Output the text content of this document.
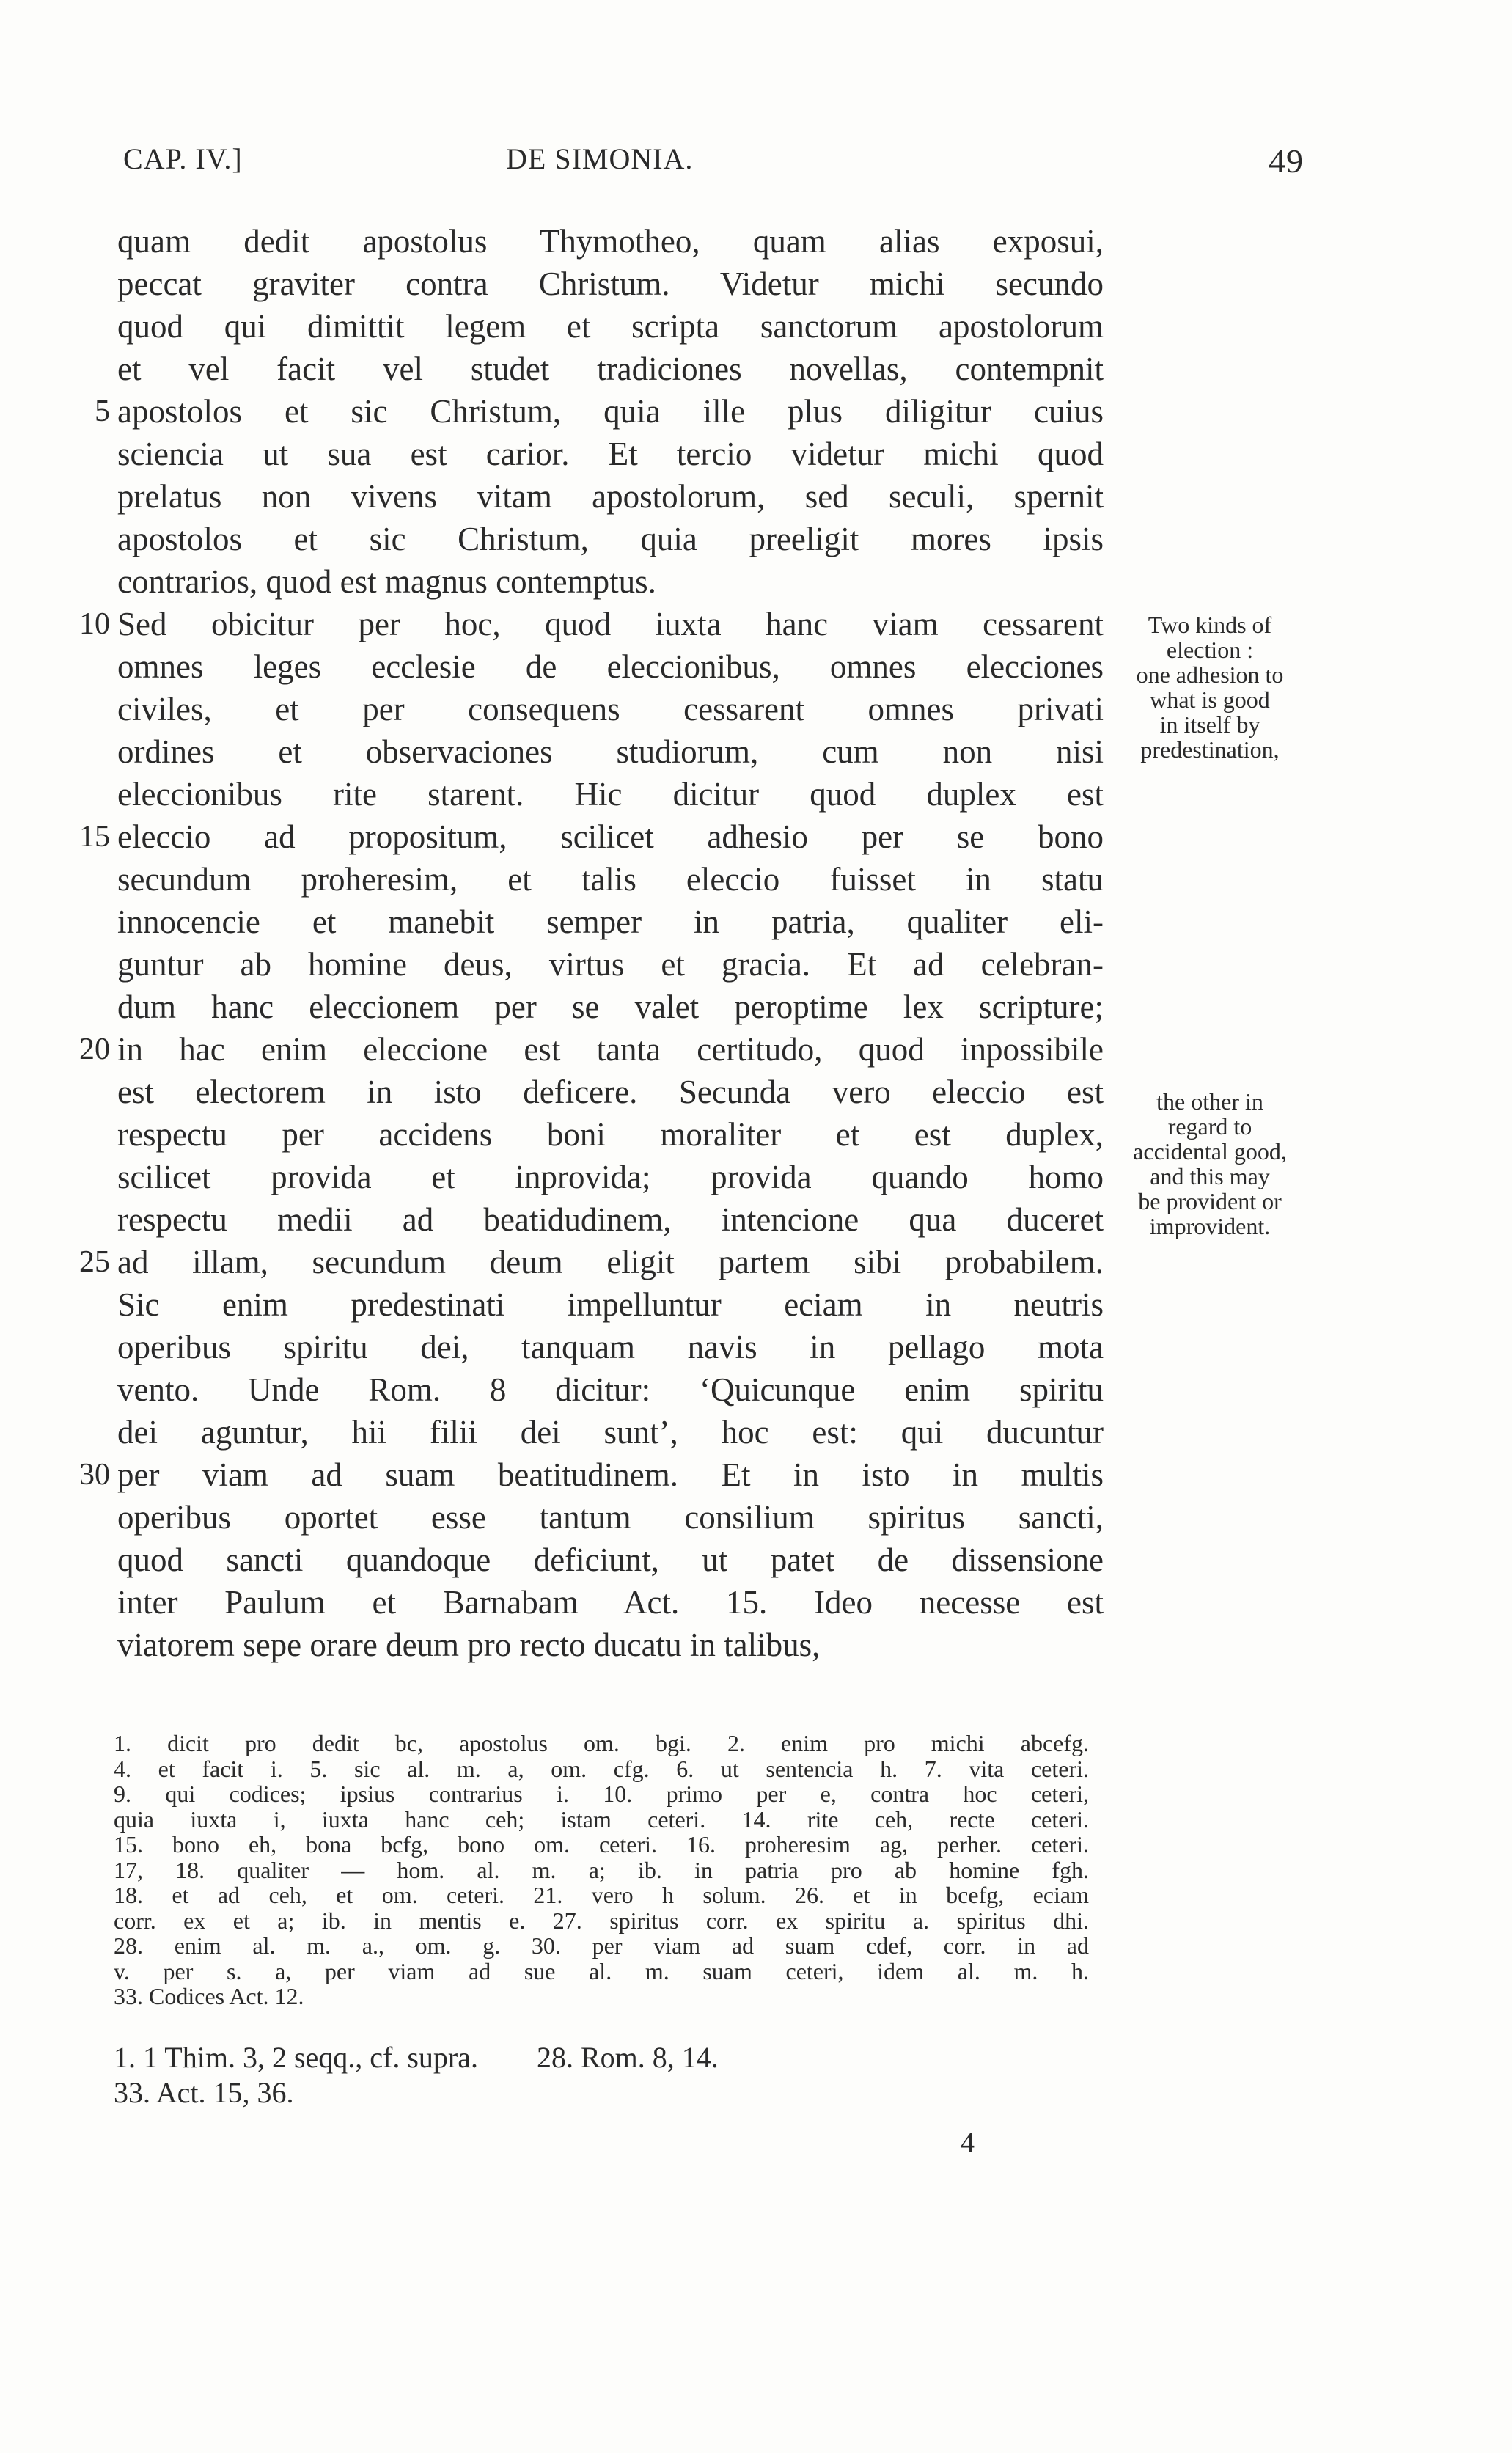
CAP. IV.]	DE SIMONIA.	49
quam dedit apostolus Thymotheo, quam alias exposui,
peccat graviter contra Christum. Videtur michi secundo
quod qui dimittit legem et scripta sanctorum apostolorum
et vel facit vel studet tradiciones novellas, contempnit
apostolos et sic Christum, quia ille plus diligitur cuius
5
sciencia ut sua est carior. Et tercio videtur michi quod
prelatus non vivens vitam apostolorum, sed seculi, spernit
apostolos et sic Christum, quia preeligit mores ipsis
contrarios, quod est magnus contemptus.
Sed obicitur per hoc, quod iuxta hanc viam cessarent
10
omnes leges ecclesie de eleccionibus, omnes elecciones
civiles, et per consequens cessarent omnes privati
ordines et observaciones studiorum, cum non nisi
eleccionibus rite starent. Hic dicitur quod duplex est
eleccio ad propositum, scilicet adhesio per se bono
15
secundum proheresim, et talis eleccio fuisset in statu
innocencie et manebit semper in patria, qualiter eli-
guntur ab homine deus, virtus et gracia. Et ad celebran-
dum hanc eleccionem per se valet peroptime lex scripture;
in hac enim eleccione est tanta certitudo, quod inpossibile
20
est electorem in isto deficere. Secunda vero eleccio est
respectu per accidens boni moraliter et est duplex,
scilicet provida et inprovida; provida quando homo
respectu medii ad beatidudinem, intencione qua duceret
ad illam, secundum deum eligit partem sibi probabilem.
25
Sic enim predestinati impelluntur eciam in neutris
operibus spiritu dei, tanquam navis in pellago mota
vento. Unde Rom. 8 dicitur: ‘Quicunque enim spiritu
dei aguntur, hii filii dei sunt’, hoc est: qui ducuntur
per viam ad suam beatitudinem. Et in isto in multis
30
operibus oportet esse tantum consilium spiritus sancti,
quod sancti quandoque deficiunt, ut patet de dissensione
inter Paulum et Barnabam Act. 15. Ideo necesse est
viatorem sepe orare deum pro recto ducatu in talibus,
Two kinds of
election :
one adhesion to
what is good
in itself by
predestination,
the other in
regard to
accidental good,
and this may
be provident or
improvident.
1. dicit pro dedit bc, apostolus om. bgi. 2. enim pro michi abcefg.
4. et facit i. 5. sic al. m. a, om. cfg. 6. ut sentencia h. 7. vita ceteri.
9. qui codices; ipsius contrarius i. 10. primo per e, contra hoc ceteri,
quia iuxta i, iuxta hanc ceh; istam ceteri. 14. rite ceh, recte ceteri.
15. bono eh, bona bcfg, bono om. ceteri. 16. proheresim ag, perher. ceteri.
17, 18. qualiter — hom. al. m. a; ib. in patria pro ab homine fgh.
18. et ad ceh, et om. ceteri. 21. vero h solum. 26. et in bcefg, eciam
corr. ex et a; ib. in mentis e. 27. spiritus corr. ex spiritu a. spiritus dhi.
28. enim al. m. a., om. g. 30. per viam ad suam cdef, corr. in ad
v. per s. a, per viam ad sue al. m. suam ceteri, idem al. m. h.
33. Codices Act. 12.
1. 1 Thim. 3, 2 seqq., cf. supra.        28. Rom. 8, 14.
33. Act. 15, 36.
4
